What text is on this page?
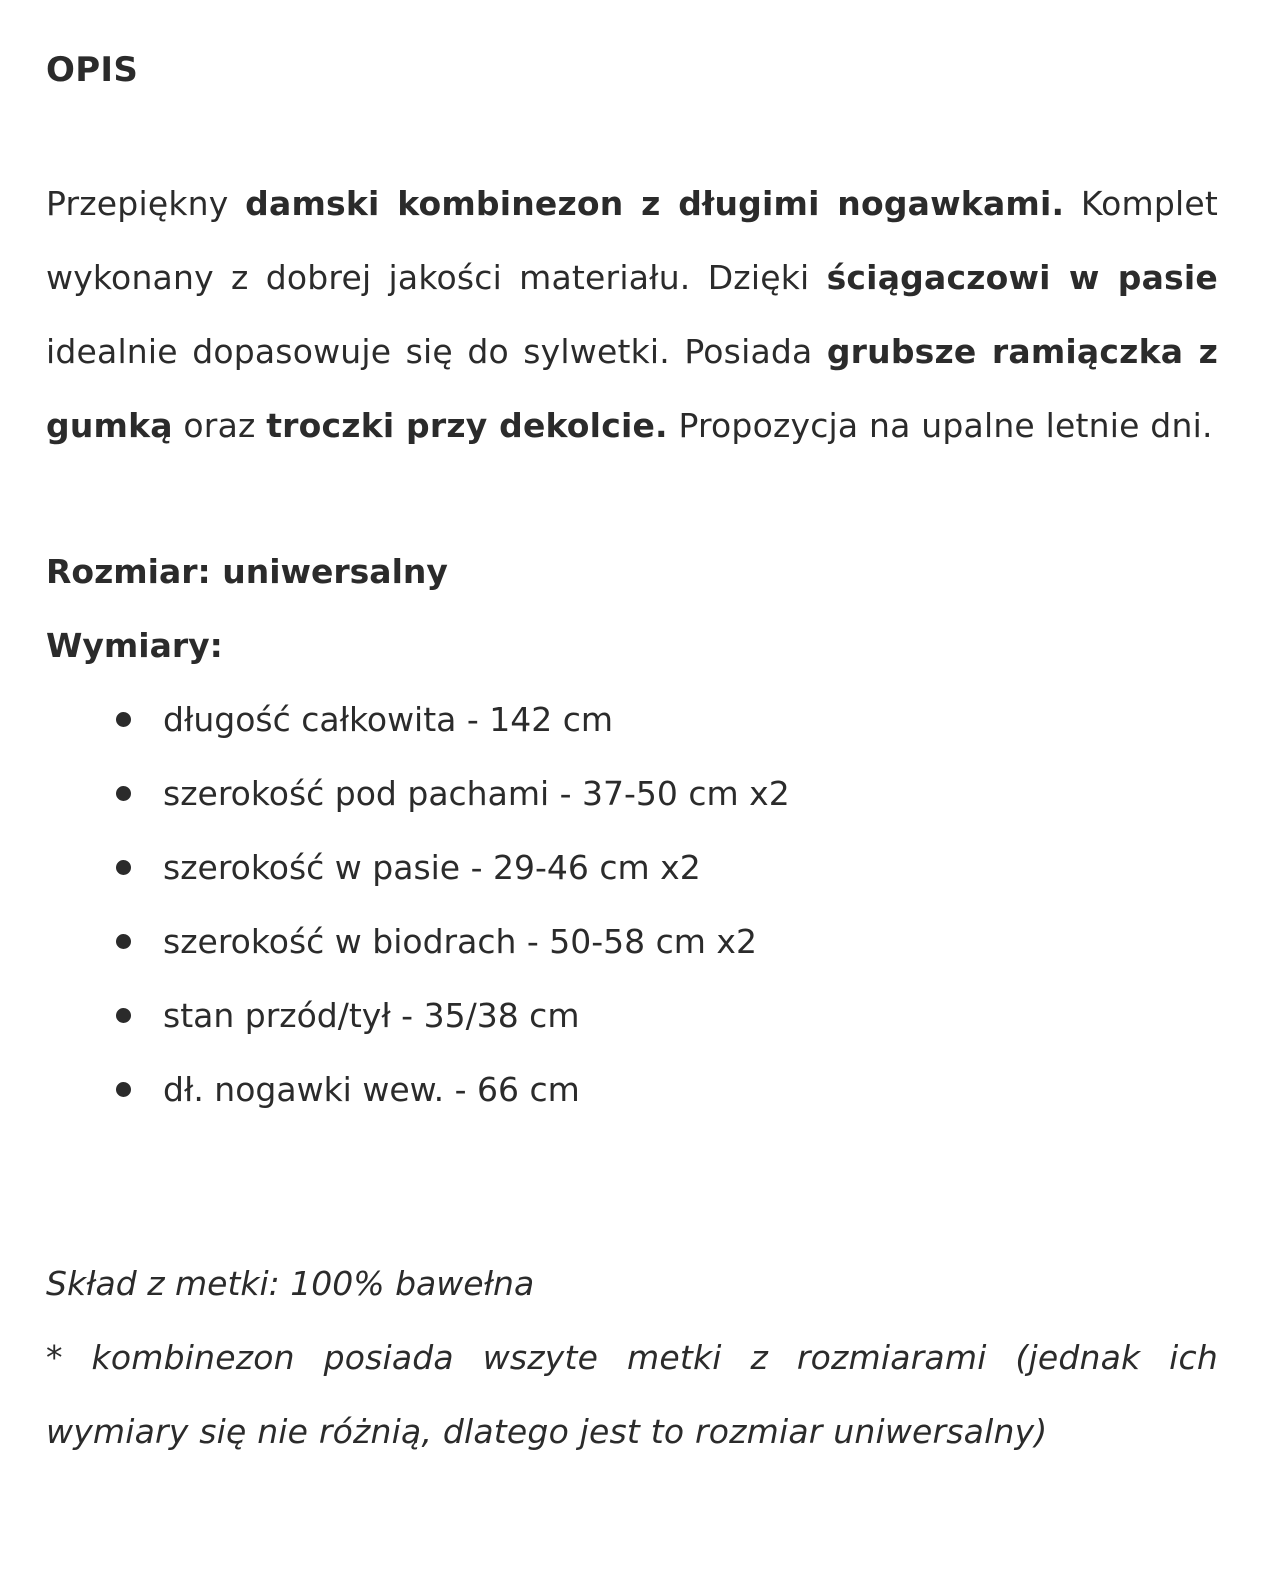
OPIS

Przepiękny damski kombinezon z długimi nogawkami. Komplet wykonany z dobrej jakości materiału. Dzięki ściągaczowi w pasie idealnie dopasowuje się do sylwetki. Posiada grubsze ramiączka z gumką oraz troczki przy dekolcie. Propozycja na upalne letnie dni.

Rozmiar: uniwersalny

Wymiary:

długość całkowita - 142 cm
szerokość pod pachami - 37-50 cm x2
szerokość w pasie - 29-46 cm x2
szerokość w biodrach - 50-58 cm x2
stan przód/tył - 35/38 cm
dł. nogawki wew. - 66 cm

Skład z metki: 100% bawełna

* kombinezon posiada wszyte metki z rozmiarami (jednak ich wymiary się nie różnią, dlatego jest to rozmiar uniwersalny)
